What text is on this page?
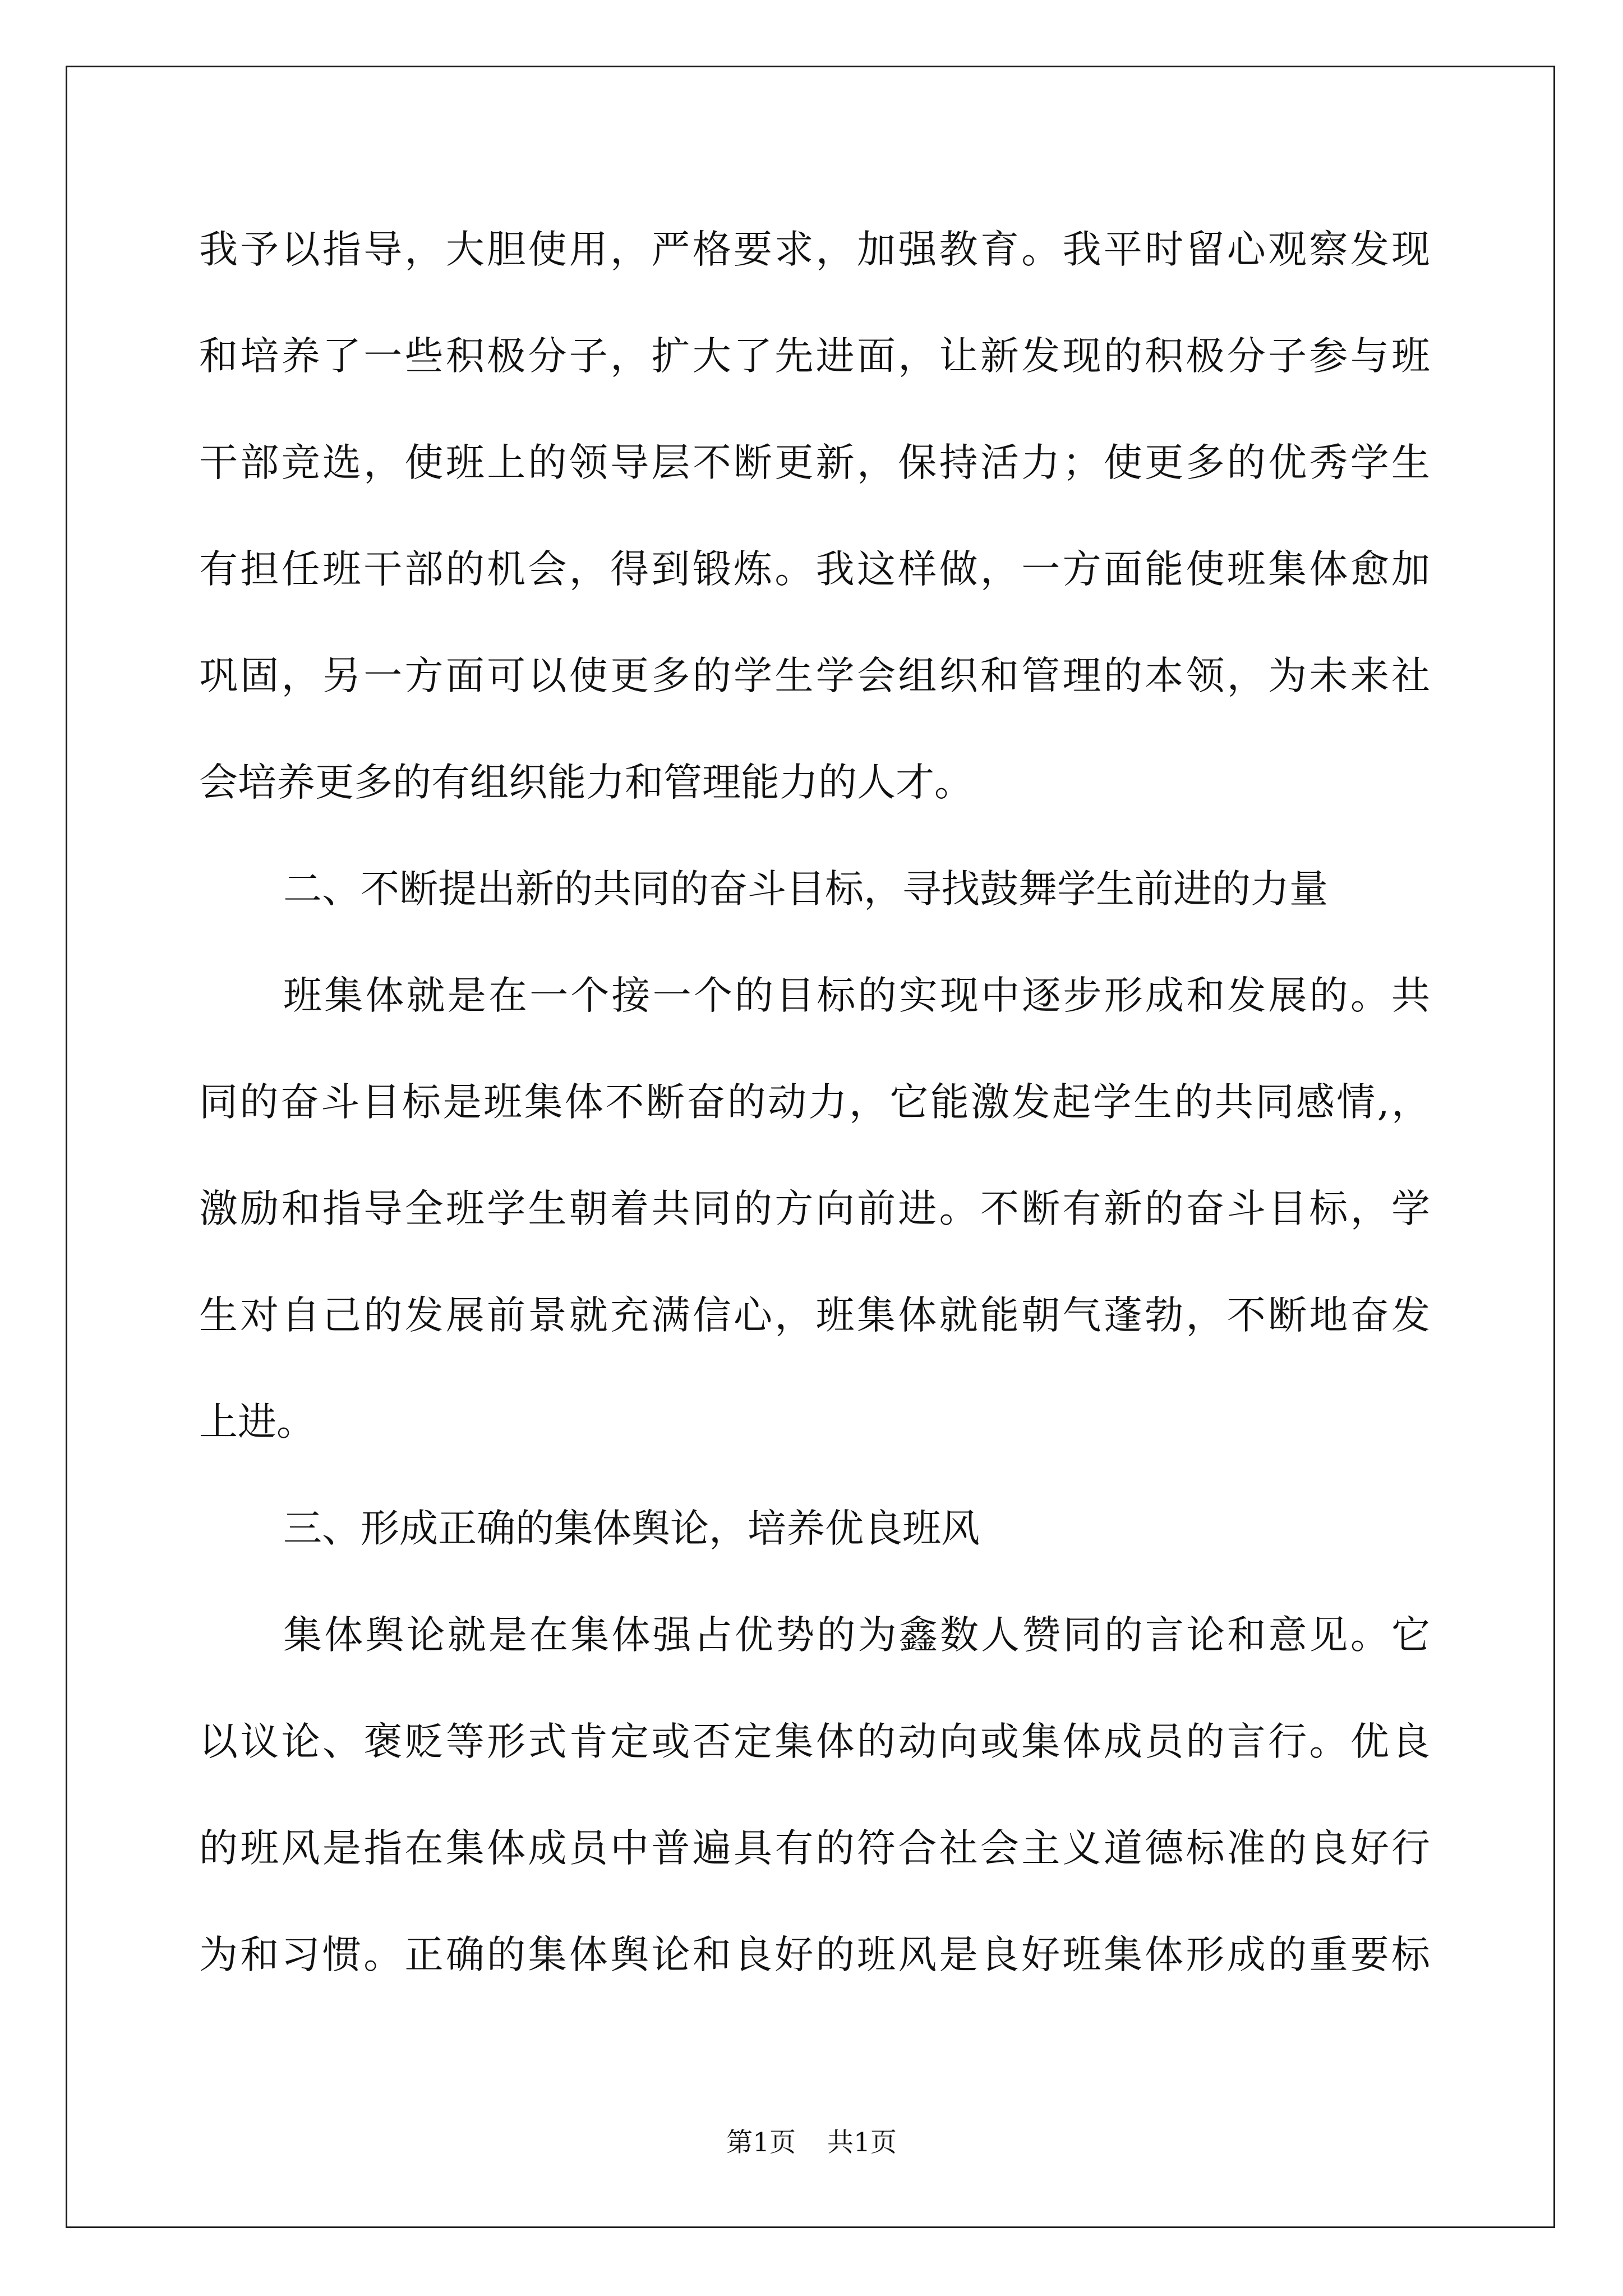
我予以指导，大胆使用，严格要求，加强教育。我平时留心观察发现
和培养了一些积极分子，扩大了先进面，让新发现的积极分子参与班
干部竞选，使班上的领导层不断更新，保持活力；使更多的优秀学生
有担任班干部的机会，得到锻炼。我这样做，一方面能使班集体愈加
巩固，另一方面可以使更多的学生学会组织和管理的本领，为未来社
会培养更多的有组织能力和管理能力的人才。
二、不断提出新的共同的奋斗目标，寻找鼓舞学生前进的力量
班集体就是在一个接一个的目标的实现中逐步形成和发展的。共
同的奋斗目标是班集体不断奋的动力，它能激发起学生的共同感情,，
激励和指导全班学生朝着共同的方向前进。不断有新的奋斗目标，学
生对自己的发展前景就充满信心，班集体就能朝气蓬勃，不断地奋发
上进。
三、形成正确的集体舆论，培养优良班风
集体舆论就是在集体强占优势的为鑫数人赞同的言论和意见。它
以议论、褒贬等形式肯定或否定集体的动向或集体成员的言行。优良
的班风是指在集体成员中普遍具有的符合社会主义道德标准的良好行
为和习惯。正确的集体舆论和良好的班风是良好班集体形成的重要标
第1页 共1页
